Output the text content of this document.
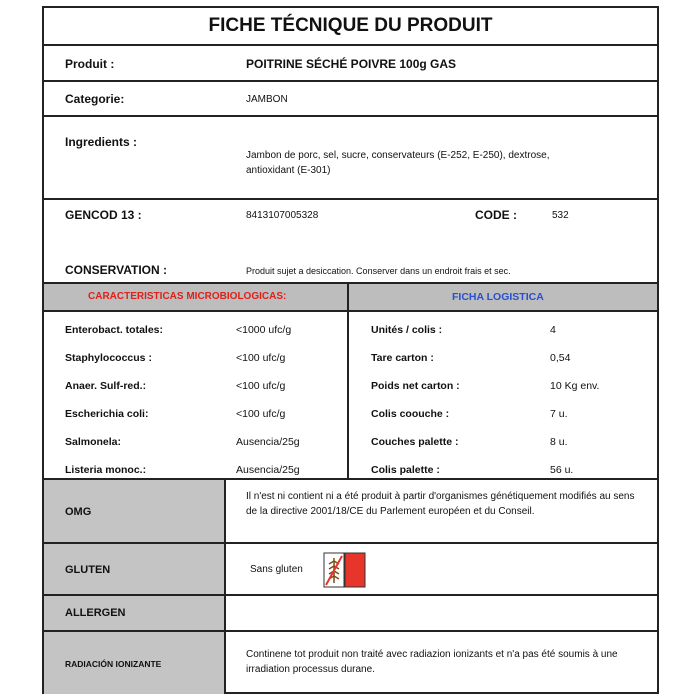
FICHE TÉCNIQUE DU PRODUIT
Produit :	POITRINE SÉCHÉ POIVRE 100g GAS
Categorie:	JAMBON
Ingredients :
Jambon de porc, sel, sucre, conservateurs (E-252, E-250), dextrose,
antioxidant (E-301)
GENCOD 13 :	8413107005328	CODE :	532
CONSERVATION :	Produit sujet a desiccation. Conserver dans un endroit frais et sec.
CARACTERISTICAS MICROBIOLOGICAS:	FICHA LOGISTICA
Enterobact. totales:	<1000 ufc/g
Staphylococcus :	<100 ufc/g
Anaer. Sulf-red.:	<100 ufc/g
Escherichia coli:	<100 ufc/g
Salmonela:	Ausencia/25g
Listeria monoc.:	Ausencia/25g
Unités / colis :	4
Tare carton :	0,54
Poids net carton :	10 Kg env.
Colis coouche :	7 u.
Couches palette :	8 u.
Colis palette :	56 u.
OMG
Il n'est ni contient ni a été produit à partir d'organismes génétiquement modifiés au sens de la directive 2001/18/CE du Parlement européen et du Conseil.
GLUTEN	Sans gluten
ALLERGEN
RADIACIÓN IONIZANTE
Continene tot produit non traité avec radiazion ionizants et n'a pas été soumis à une irradiation processus durane.
